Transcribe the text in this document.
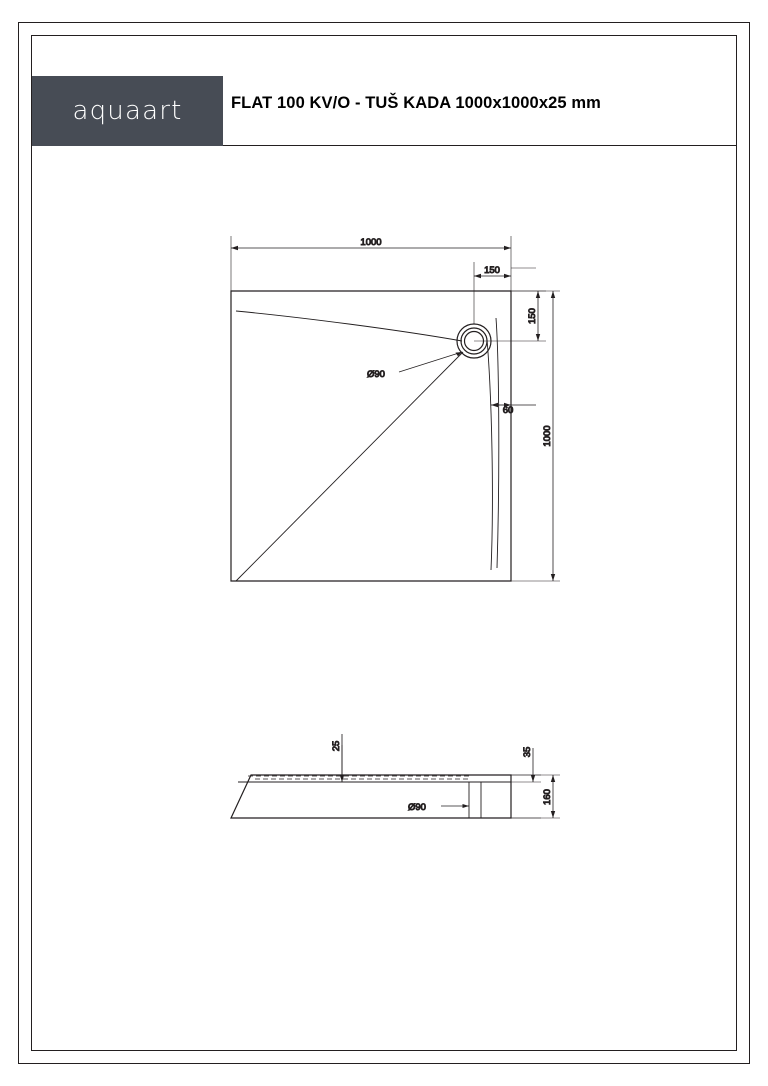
aquaart	FLAT 100 KV/O - TUŠ KADA 1000x1000x25 mm
1000
150
150
60
1000
Ø90
25
35
160
Ø90
